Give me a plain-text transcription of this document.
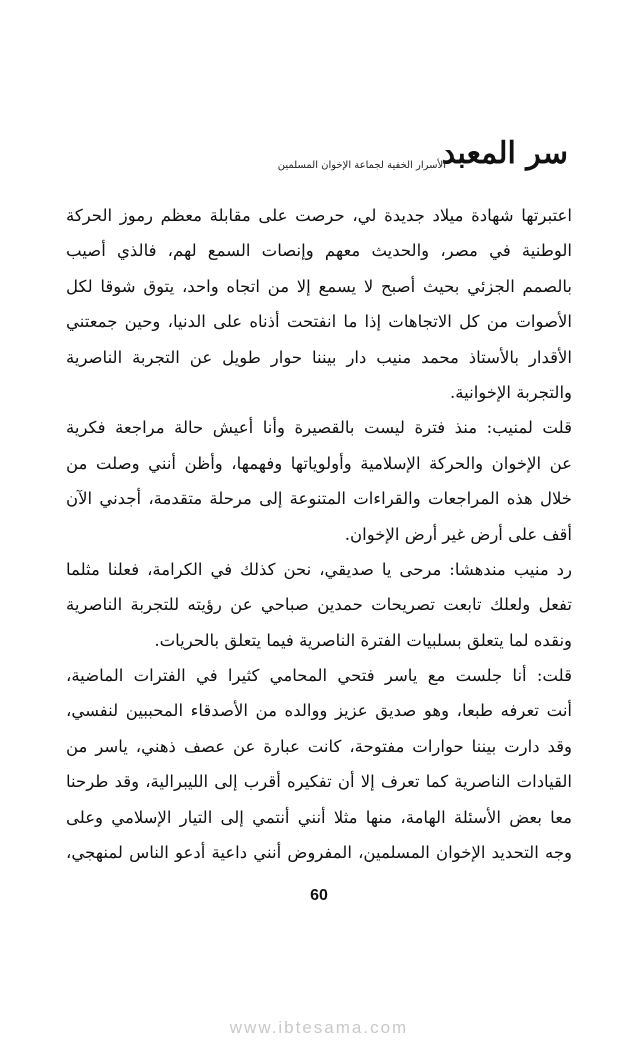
سر المعبد
الأسرار الخفية لجماعة الإخوان المسلمين

اعتبرتها شهادة ميلاد جديدة لي، حرصت على مقابلة معظم رموز الحركة
الوطنية في مصر، والحديث معهم وإنصات السمع لهم، فالذي أصيب
بالصمم الجزئي بحيث أصبح لا يسمع إلا من اتجاه واحد، يتوق شوقا لكل
الأصوات من كل الاتجاهات إذا ما انفتحت أذناه على الدنيا، وحين جمعتني
الأقدار بالأستاذ محمد منيب دار بيننا حوار طويل عن التجربة الناصرية
والتجربة الإخوانية.

قلت لمنيب: منذ فترة ليست بالقصيرة وأنا أعيش حالة مراجعة فكرية
عن الإخوان والحركة الإسلامية وأولوياتها وفهمها، وأظن أنني وصلت من
خلال هذه المراجعات والقراءات المتنوعة إلى مرحلة متقدمة، أجدني الآن
أقف على أرض غير أرض الإخوان.

رد منيب مندهشا: مرحى يا صديقي، نحن كذلك في الكرامة، فعلنا مثلما
تفعل ولعلك تابعت تصريحات حمدين صباحي عن رؤيته للتجربة الناصرية
ونقده لما يتعلق بسلبيات الفترة الناصرية فيما يتعلق بالحريات.

قلت: أنا جلست مع ياسر فتحي المحامي كثيرا في الفترات الماضية،
أنت تعرفه طبعا، وهو صديق عزيز ووالده من الأصدقاء المحببين لنفسي،
وقد دارت بيننا حوارات مفتوحة، كانت عبارة عن عصف ذهني، ياسر من
القيادات الناصرية كما تعرف إلا أن تفكيره أقرب إلى الليبرالية، وقد طرحنا
معا بعض الأسئلة الهامة، منها مثلا أنني أنتمي إلى التيار الإسلامي وعلى
وجه التحديد الإخوان المسلمين، المفروض أنني داعية أدعو الناس لمنهجي،

60
www.ibtesama.com
